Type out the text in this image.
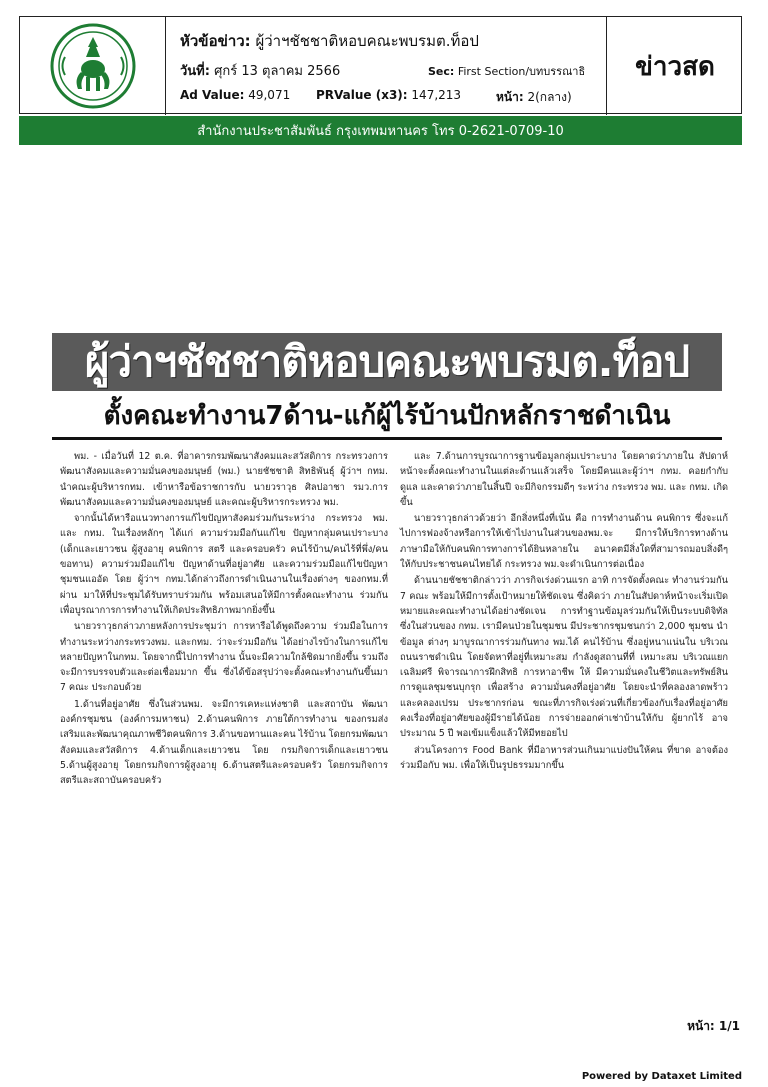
หัวข้อข่าว: ผู้ว่าฯชัชชาติหอบคณะพบรมต.ท็อป
วันที่: ศุกร์ 13 ตุลาคม 2566	Sec: First Section/บทบรรณาธิ
Ad Value: 49,071 PRValue (x3): 147,213	หน้า: 2(กลาง)
ข่าวสด
สำนักงานประชาสัมพันธ์ กรุงเทพมหานคร โทร 0-2621-0709-10
ผู้ว่าฯชัชชาติหอบคณะพบรมต.ท็อป
ตั้งคณะทำงาน7ด้าน-แก้ผู้ไร้บ้านปักหลักราชดำเนิน

พม. - เมื่อวันที่ 12 ต.ค. ที่อาคารกรมพัฒนาสังคมและสวัสดิการ กระทรวงการพัฒนาสังคมและความมั่นคงของมนุษย์ (พม.) นายชัชชาติ สิทธิพันธุ์ ผู้ว่าฯ กทม. นำคณะผู้บริหารกทม. เข้าหารือข้อราชการกับ นายวราวุธ ศิลปอาชา รมว.การพัฒนาสังคมและความมั่นคงของมนุษย์ และคณะผู้บริหารกระทรวง พม.

จากนั้นได้หารือแนวทางการแก้ไขปัญหาสังคมร่วมกันระหว่าง กระทรวง พม. และ กทม. ในเรื่องหลักๆ ได้แก่ ความร่วมมือกันแก้ไข ปัญหากลุ่มคนเปราะบาง (เด็กและเยาวชน ผู้สูงอายุ คนพิการ สตรี และครอบครัว คนไร้บ้าน/คนไร้ที่พึ่ง/คนขอทาน) ความร่วมมือแก้ไข ปัญหาด้านที่อยู่อาศัย และความร่วมมือแก้ไขปัญหาชุมชนแออัด โดย ผู้ว่าฯ กทม.ได้กล่าวถึงการดำเนินงานในเรื่องต่างๆ ของกทม.ที่ผ่าน มาให้ที่ประชุมได้รับทราบร่วมกัน พร้อมเสนอให้มีการตั้งคณะทำงาน ร่วมกันเพื่อบูรณาการการทำงานให้เกิดประสิทธิภาพมากยิ่งขึ้น

นายวราวุธกล่าวภายหลังการประชุมว่า การหารือได้พูดถึงความ ร่วมมือในการทำงานระหว่างกระทรวงพม. และกทม. ว่าจะร่วมมือกัน ได้อย่างไรบ้างในการแก้ไขหลายปัญหาในกทม. โดยจากนี้ไปการทำงาน นั้นจะมีความใกล้ชิดมากยิ่งขึ้น รวมถึงจะมีการบรรจบตัวและต่อเชื่อมมาก ขึ้น ซึ่งได้ข้อสรุปว่าจะตั้งคณะทำงานกันขึ้นมา 7 คณะ ประกอบด้วย

1.ด้านที่อยู่อาศัย ซึ่งในส่วนพม. จะมีการเคหะแห่งชาติ และสถาบัน พัฒนาองค์กรชุมชน (องค์การมหาชน) 2.ด้านคนพิการ ภายใต้การทำงาน ของกรมส่งเสริมและพัฒนาคุณภาพชีวิตคนพิการ 3.ด้านขอทานและคน ไร้บ้าน โดยกรมพัฒนาสังคมและสวัสดิการ 4.ด้านเด็กและเยาวชน โดย กรมกิจการเด็กและเยาวชน 5.ด้านผู้สูงอายุ โดยกรมกิจการผู้สูงอายุ 6.ด้านสตรีและครอบครัว โดยกรมกิจการสตรีและสถาบันครอบครัว

และ 7.ด้านการบูรณาการฐานข้อมูลกลุ่มเปราะบาง โดยคาดว่าภายใน สัปดาห์หน้าจะตั้งคณะทำงานในแต่ละด้านแล้วเสร็จ โดยมีคนและผู้ว่าฯ กทม. คอยกำกับดูแล และคาดว่าภายในสิ้นปี จะมีกิจกรรมดีๆ ระหว่าง กระทรวง พม. และ กทม. เกิดขึ้น

นายวราวุธกล่าวด้วยว่า อีกสิ่งหนึ่งที่เน้น คือ การทำงานด้าน คนพิการ ซึ่งจะแก้ไปการฟองจ้างหรือการให้เข้าไปงานในส่วนของพม.จะ มีการให้บริการทางด้านภาษามือให้กับคนพิการทางการได้ยินหลายใน อนาคตมีสิ่งใดที่สามารถมอบสิ่งดีๆ ให้กับประชาชนคนไทยได้ กระทรวง พม.จะดำเนินการต่อเนื่อง

ด้านนายชัชชาติกล่าวว่า ภารกิจเร่งด่วนแรก อาทิ การจัดตั้งคณะ ทำงานร่วมกัน 7 คณะ พร้อมให้มีการตั้งเป้าหมายให้ชัดเจน ซึ่งคิดว่า ภายในสัปดาห์หน้าจะเริ่มเปิดหมายและคณะทำงานได้อย่างชัดเจน การทำฐานข้อมูลร่วมกันให้เป็นระบบดิจิทัล ซึ่งในส่วนของ กทม. เรามีคนป่วยในชุมชน มีประชากรชุมชนกว่า 2,000 ชุมชน นำข้อมูล ต่างๆ มาบูรณาการร่วมกันทาง พม.ได้ คนไร้บ้าน ซึ่งอยู่หนาแน่นใน บริเวณถนนราชดำเนิน โดยจัดหาที่อยู่ที่เหมาะสม กำลังดูสถานที่ที่ เหมาะสม บริเวณแยกเฉลิมศรี พิจารณาการฝึกสิทธิ การหาอาชีพ ให้ มีความมั่นคงในชีวิตและทรัพย์สิน การดูแลชุมชนบุกรุก เพื่อสร้าง ความมั่นคงที่อยู่อาศัย โดยจะนำที่คลองลาดพร้าวและคลองเปรม ประชากรก่อน ขณะที่ภารกิจเร่งด่วนที่เกี่ยวข้องกับเรื่องที่อยู่อาศัย คงเรื่องที่อยู่อาศัยของผู้มีรายได้น้อย การจ่ายออกค่าเช่าบ้านให้กับ ผู้ยากไร้ อาจประมาณ 5 ปี พอเข้มแข็งแล้วให้มีทยอยไป

ส่วนโครงการ Food Bank ที่มีอาหารส่วนเกินมาแบ่งปันให้คน ที่ขาด อาจต้องร่วมมือกับ พม. เพื่อให้เป็นรูปธรรมมากขึ้น

หน้า: 1/1
Powered by Dataxet Limited
